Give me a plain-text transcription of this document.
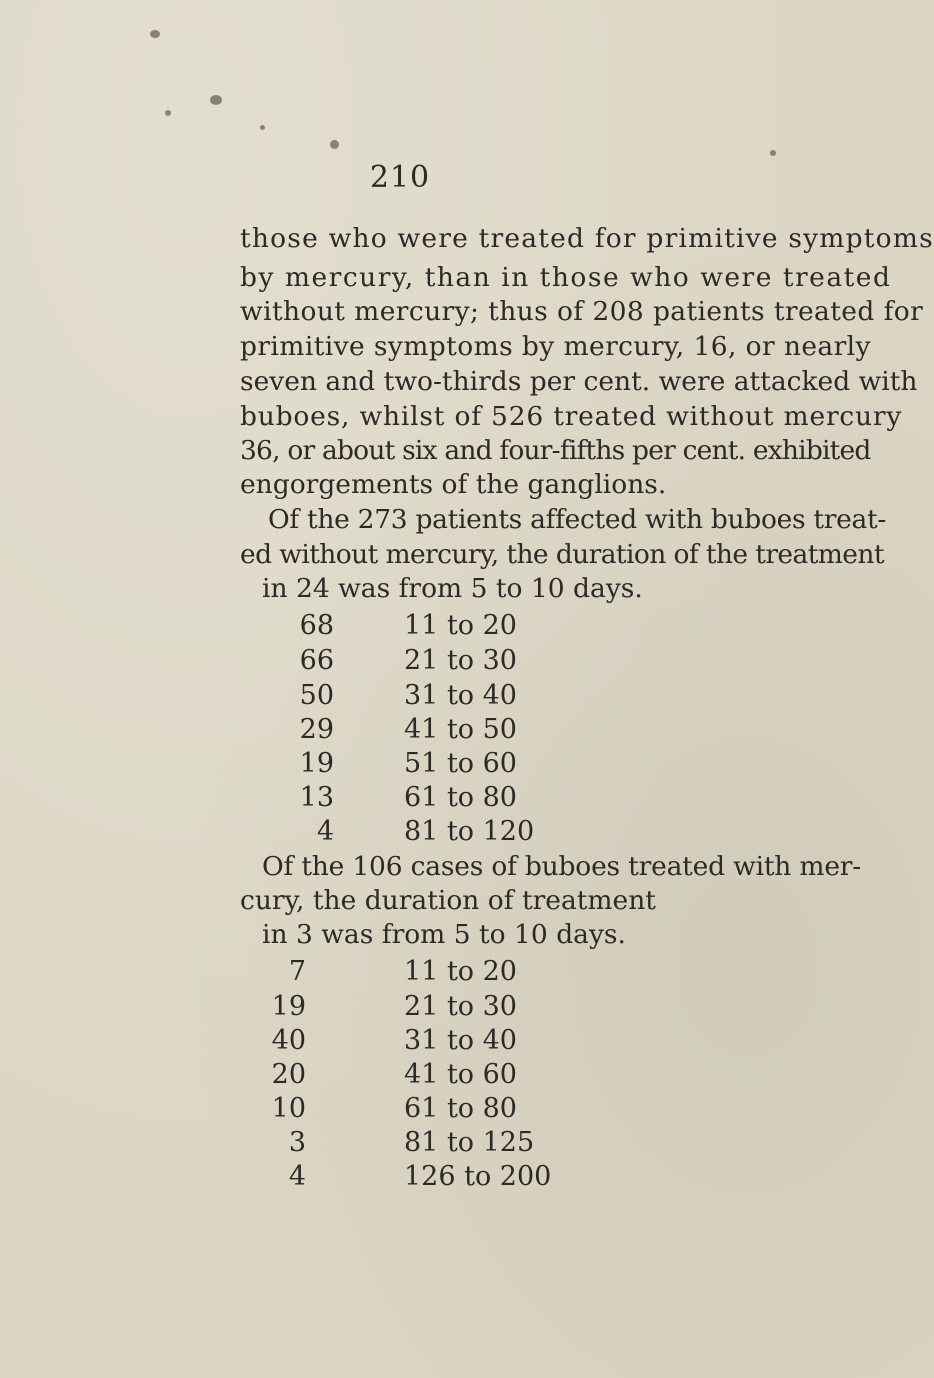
210
those who were treated for primitive symptoms
by mercury, than in those who were treated
without mercury; thus of 208 patients treated for
primitive symptoms by mercury, 16, or nearly
seven and two-thirds per cent. were attacked with
buboes, whilst of 526 treated without mercury
36, or about six and four-fifths per cent. exhibited
engorgements of the ganglions.
Of the 273 patients affected with buboes treat-
ed without mercury, the duration of the treatment
in 24 was from 5 to 10 days.
68	11 to 20
66	21 to 30
50	31 to 40
29	41 to 50
19	51 to 60
13	61 to 80
4	81 to 120
Of the 106 cases of buboes treated with mer-
cury, the duration of treatment
in 3 was from 5 to 10 days.
7	11 to 20
19	21 to 30
40	31 to 40
20	41 to 60
10	61 to 80
3	81 to 125
4	126 to 200
